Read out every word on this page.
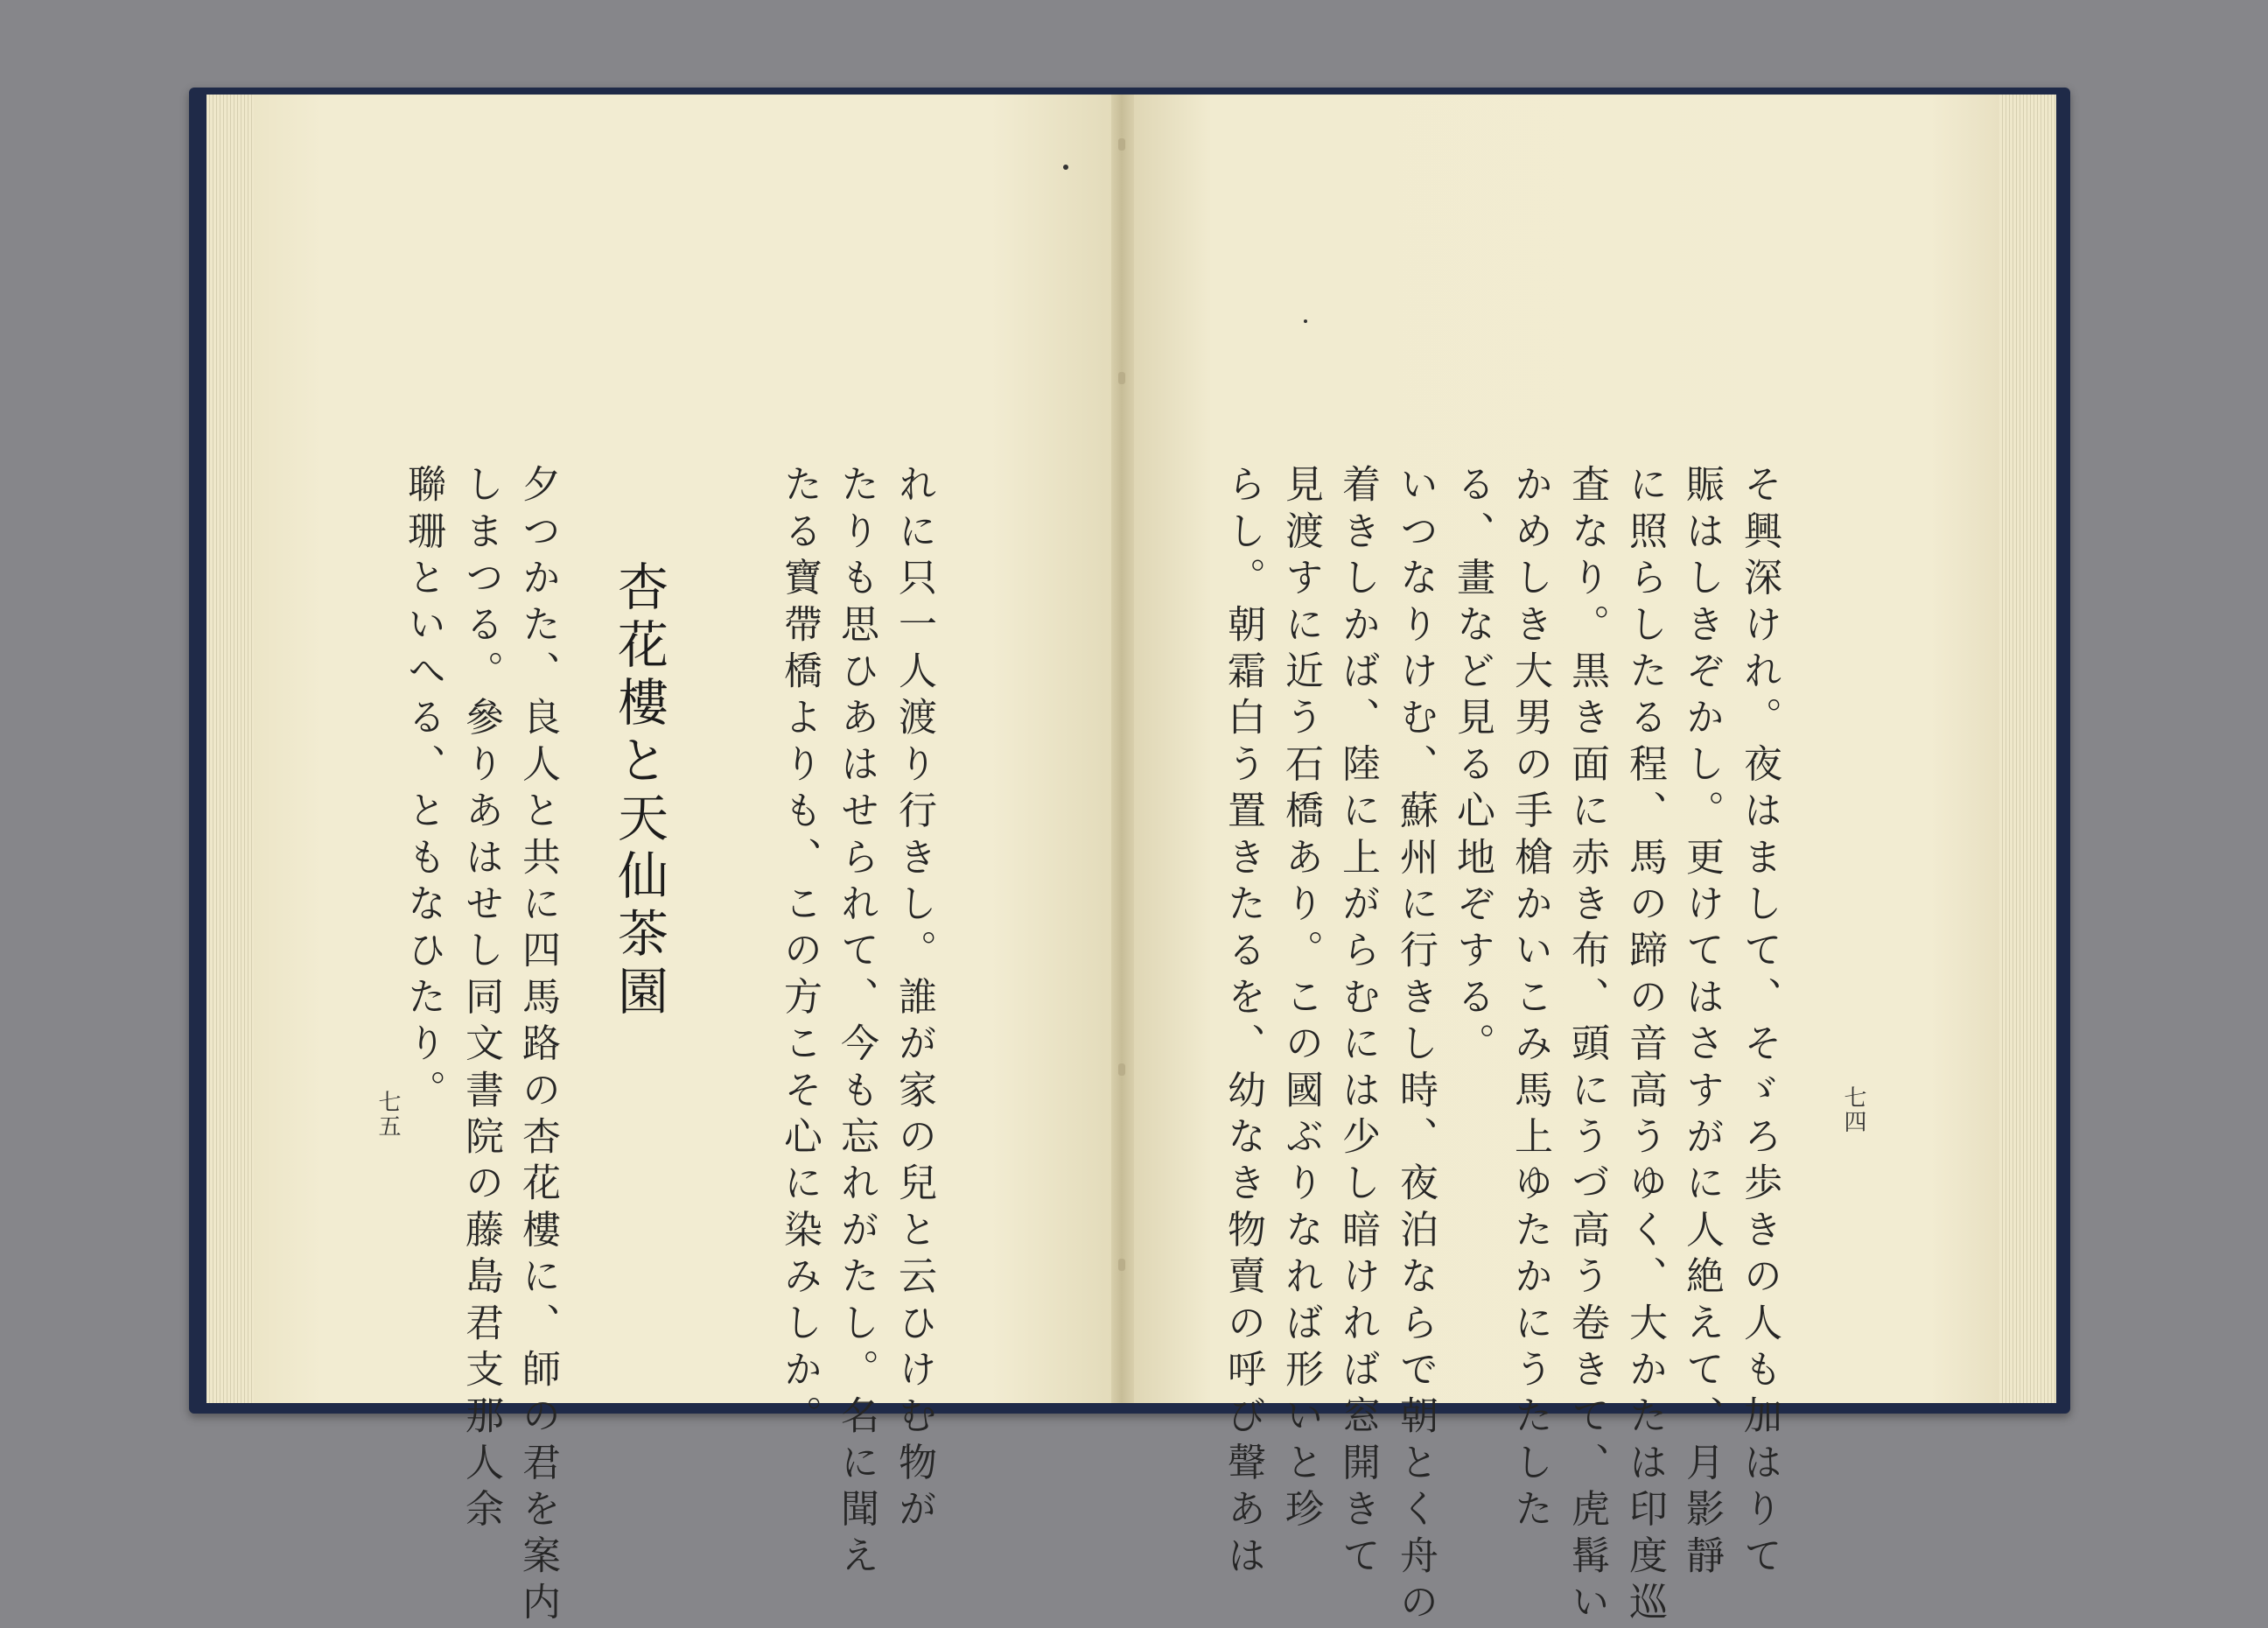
そ興深けれ。夜はまして、そゞろ歩きの人も加はりて
賑はしきぞかし。更けてはさすがに人絶えて、月影靜
に照らしたる程、馬の蹄の音高うゆく、大かたは印度巡
査なり。黒き面に赤き布、頭にうづ高う卷きて、虎髯い
かめしき大男の手槍かいこみ馬上ゆたかにうたした
る、畫など見る心地ぞする。
いつなりけむ、蘇州に行きし時、夜泊ならで朝とく舟の
着きしかば、陸に上がらむには少し暗ければ窓開きて
見渡すに近う石橋あり。この國ぶりなれば形いと珍
らし。朝霜白う置きたるを、幼なき物賣の呼び聲あは	七四
れに只一人渡り行きし。誰が家の兒と云ひけむ物が
たりも思ひあはせられて、今も忘れがたし。名に聞え
たる寶帶橋よりも、この方こそ心に染みしか。
杏花樓と天仙茶園
夕つかた、良人と共に四馬路の杏花樓に、師の君を案内
しまつる。參りあはせし同文書院の藤島君支那人余
聯珊といへる、ともなひたり。
七五
